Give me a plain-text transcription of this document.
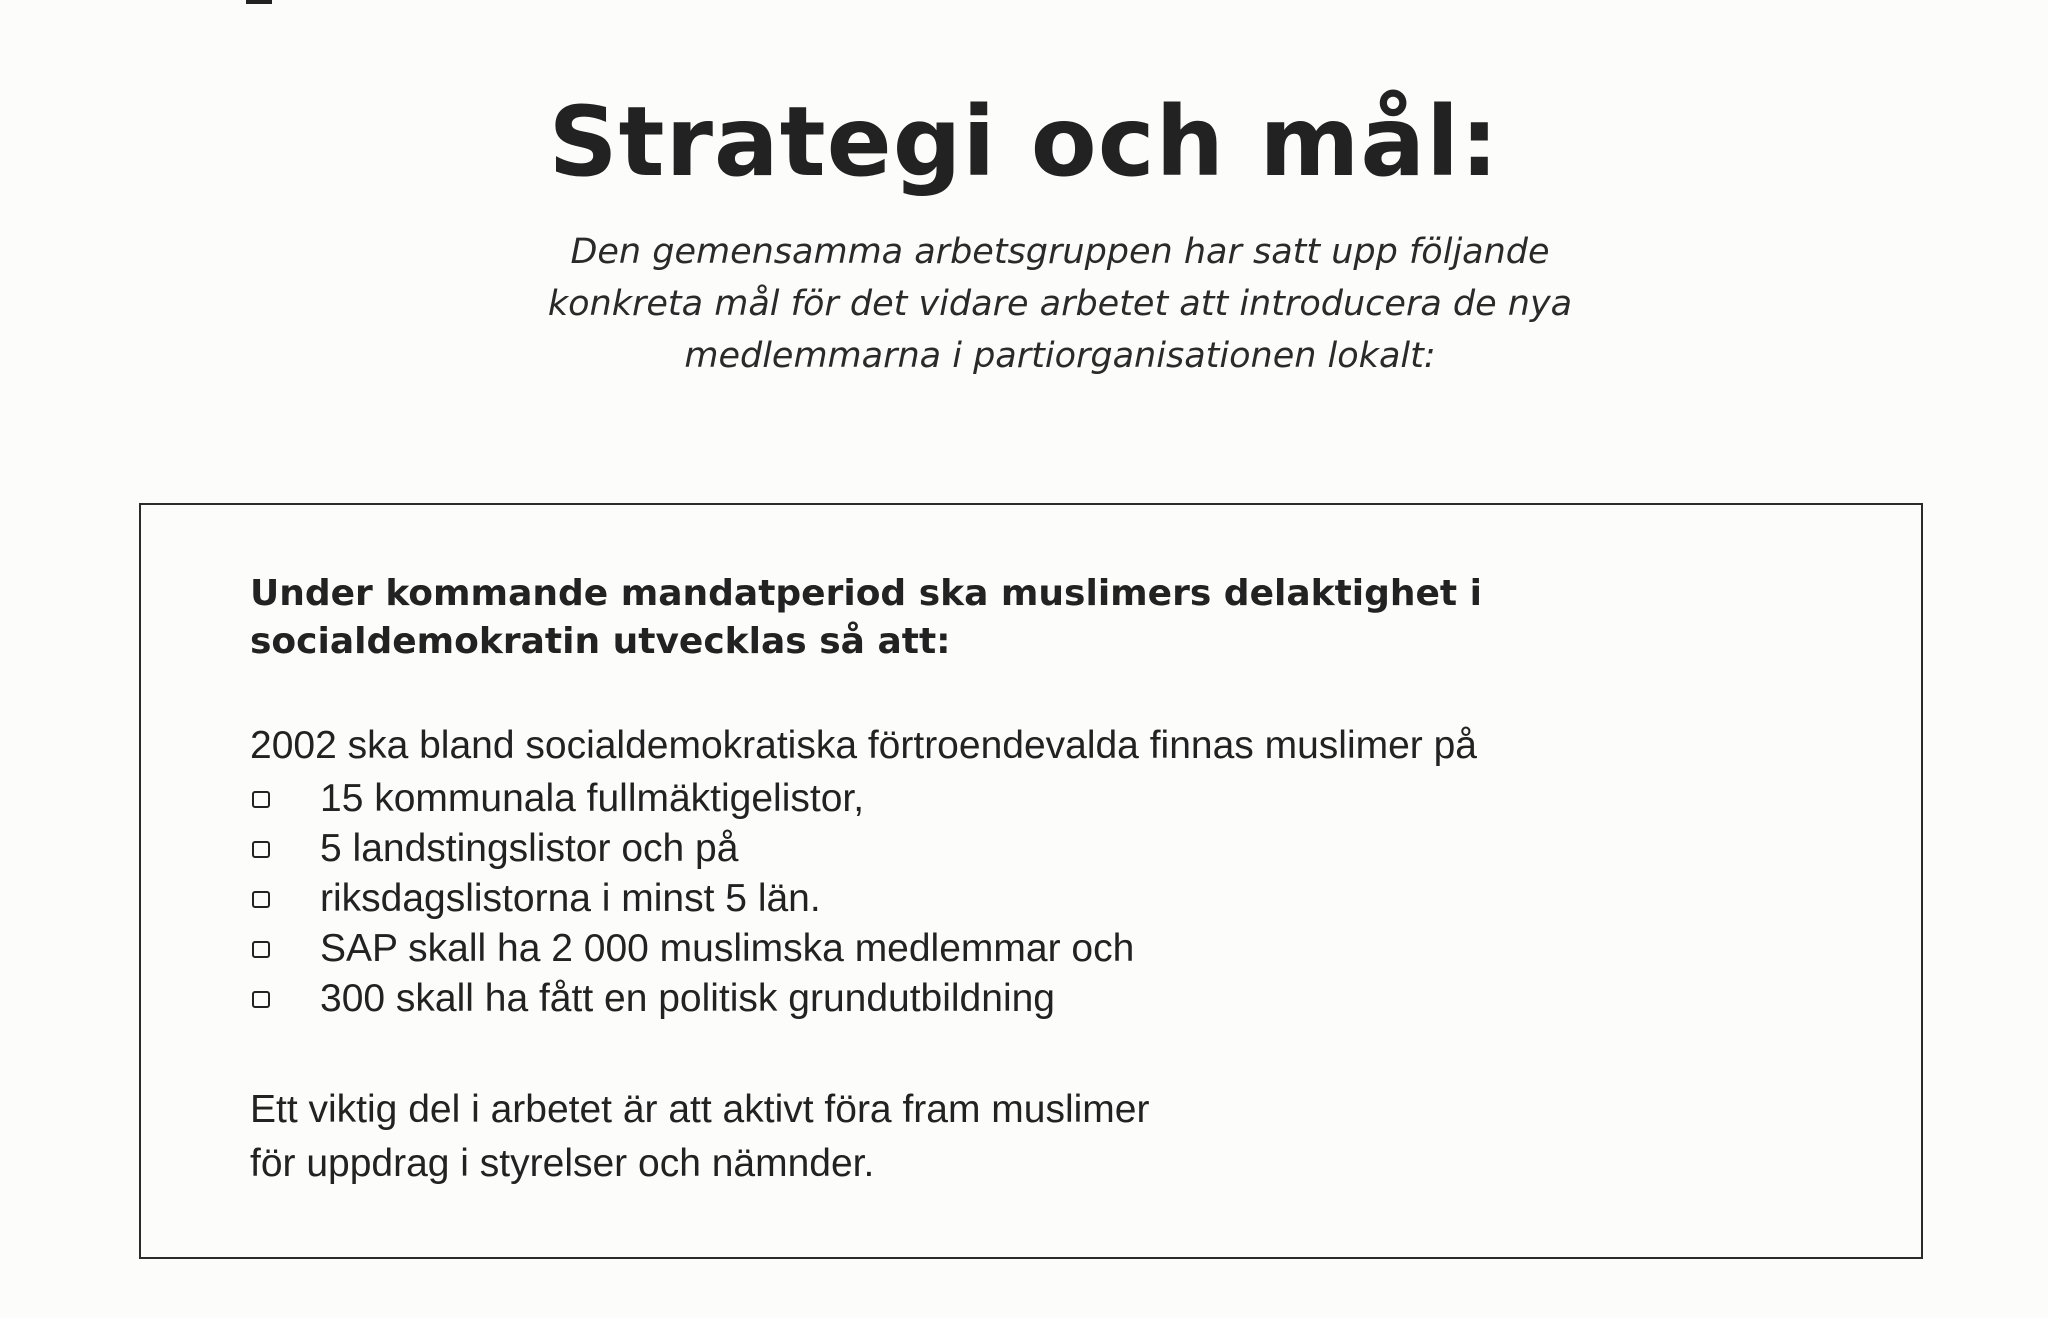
Strategi och mål:

Den gemensamma arbetsgruppen har satt upp följande
konkreta mål för det vidare arbetet att introducera de nya
medlemmarna i partiorganisationen lokalt:

Under kommande mandatperiod ska muslimers delaktighet i
socialdemokratin utvecklas så att:

2002 ska bland socialdemokratiska förtroendevalda finnas muslimer på

15 kommunala fullmäktigelistor,
5 landstingslistor och på
riksdagslistorna i minst 5 län.
SAP skall ha 2 000 muslimska medlemmar och
300 skall ha fått en politisk grundutbildning

Ett viktig del i arbetet är att aktivt föra fram muslimer
för uppdrag i styrelser och nämnder.
